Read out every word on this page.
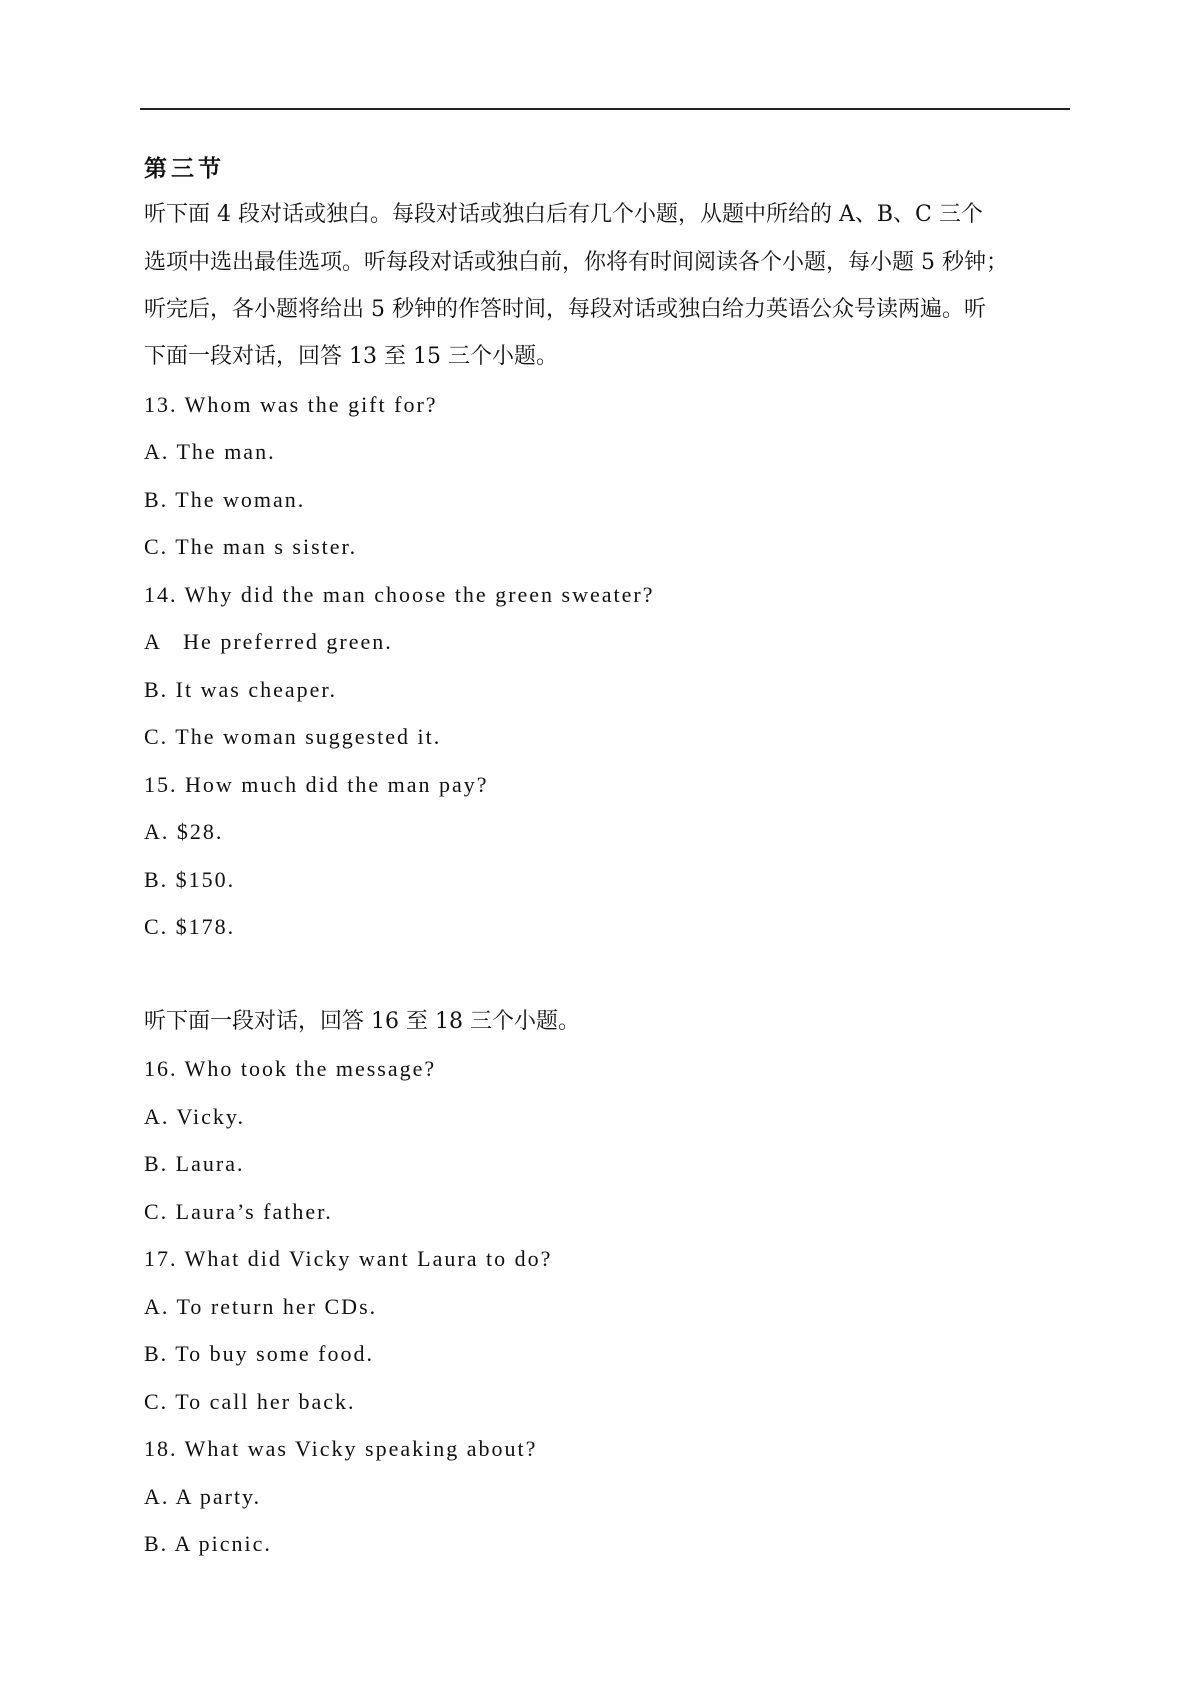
第三节
听下面 4 段对话或独白。每段对话或独白后有几个小题，从题中所给的 A、B、C 三个
选项中选出最佳选项。听每段对话或独白前，你将有时间阅读各个小题，每小题 5 秒钟；
听完后，各小题将给出 5 秒钟的作答时间，每段对话或独白给力英语公众号读两遍。听
下面一段对话，回答 13 至 15 三个小题。
13. Whom was the gift for?
A. The man.
B. The woman.
C. The man s sister.
14. Why did the man choose the green sweater?
A   He preferred green.
B. It was cheaper.
C. The woman suggested it.
15. How much did the man pay?
A. $28.
B. $150.
C. $178.
听下面一段对话，回答 16 至 18 三个小题。
16. Who took the message?
A. Vicky.
B. Laura.
C. Laura’s father.
17. What did Vicky want Laura to do?
A. To return her CDs.
B. To buy some food.
C. To call her back.
18. What was Vicky speaking about?
A. A party.
B. A picnic.
